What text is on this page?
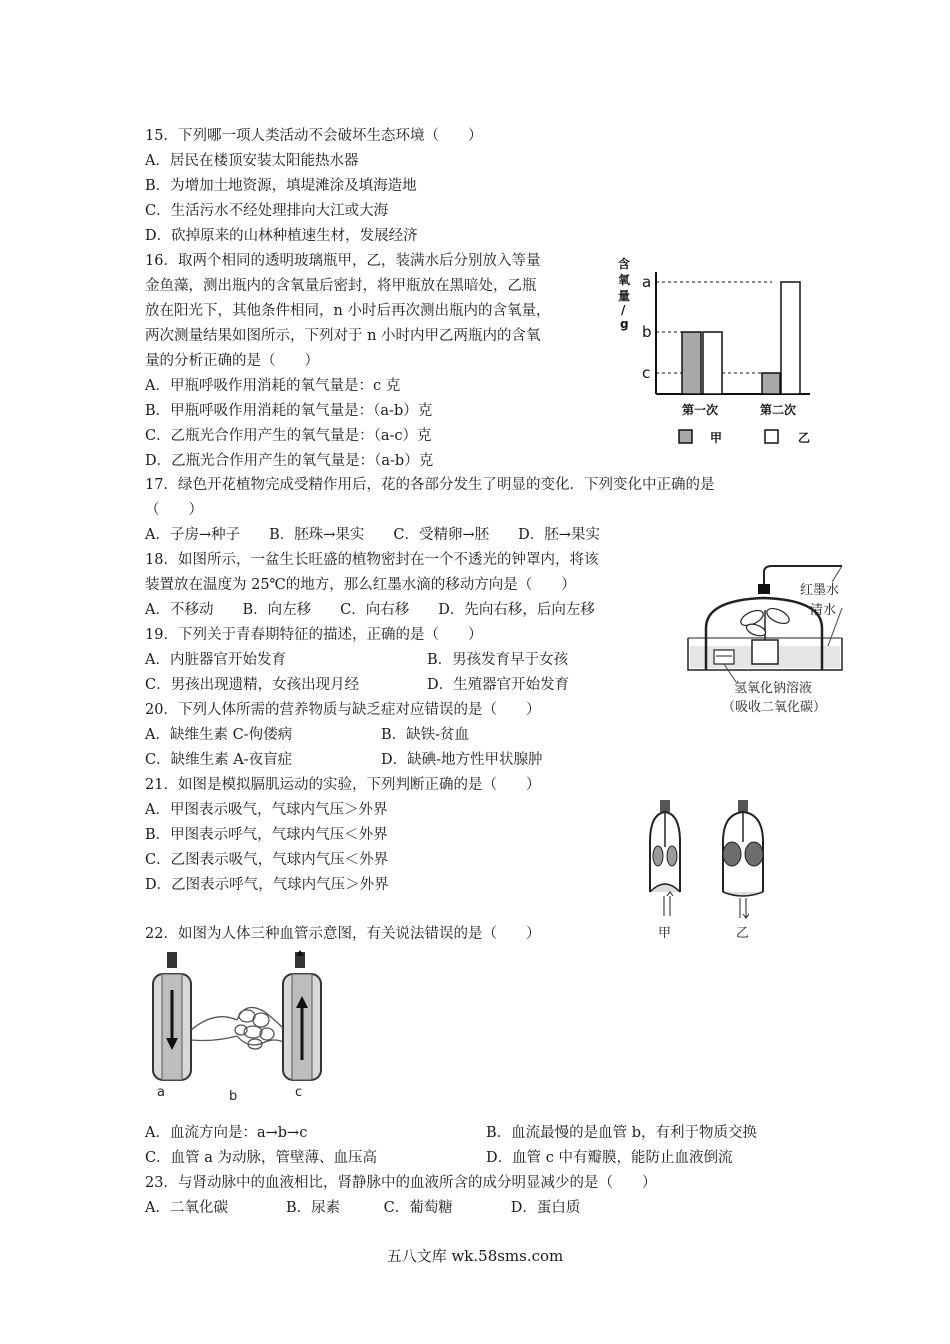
15．下列哪一项人类活动不会破坏生态环境（　　）
A．居民在楼顶安装太阳能热水器
B．为增加土地资源，填堤滩涂及填海造地
C．生活污水不经处理排向大江或大海
D．砍掉原来的山林种植速生材，发展经济
16．取两个相同的透明玻璃瓶甲，乙，装满水后分别放入等量
金鱼藻，测出瓶内的含氧量后密封，将甲瓶放在黑暗处，乙瓶
放在阳光下，其他条件相同，n 小时后再次测出瓶内的含氧量，
两次测量结果如图所示，下列对于 n 小时内甲乙两瓶内的含氧
量的分析正确的是（　　）
A．甲瓶呼吸作用消耗的氧气量是：c 克
B．甲瓶呼吸作用消耗的氧气量是：（a-b）克
C．乙瓶光合作用产生的氧气量是：（a-c）克
D．乙瓶光合作用产生的氧气量是：（a-b）克
含
氧
量
/
g
a
b
c
第一次	第二次
甲	乙
17．绿色开花植物完成受精作用后，花的各部分发生了明显的变化．下列变化中正确的是
（　　）
A．子房→种子　　B．胚珠→果实　　C．受精卵→胚　　D．胚→果实
18．如图所示，一盆生长旺盛的植物密封在一个不透光的钟罩内，将该
装置放在温度为 25℃的地方，那么红墨水滴的移动方向是（　　）
A．不移动　　B．向左移　　C．向右移　　D．先向右移，后向左移
红墨水
清水
氢氧化钠溶液
（吸收二氧化碳）
19．下列关于青春期特征的描述，正确的是（　　）
A．内脏器官开始发育	B．男孩发育早于女孩
C．男孩出现遗精，女孩出现月经	D．生殖器官开始发育
20．下列人体所需的营养物质与缺乏症对应错误的是（　　）
A．缺维生素 C-佝偻病	B．缺铁-贫血
C．缺维生素 A-夜盲症	D．缺碘-地方性甲状腺肿
21．如图是模拟膈肌运动的实验，下列判断正确的是（　　）
A．甲图表示吸气，气球内气压＞外界
B．甲图表示呼气，气球内气压＜外界
C．乙图表示吸气，气球内气压＜外界
D．乙图表示呼气，气球内气压＞外界
甲	乙
22．如图为人体三种血管示意图，有关说法错误的是（　　）
a	b	c
A．血流方向是：a→b→c	B．血流最慢的是血管 b，有利于物质交换
C．血管 a 为动脉，管壁薄、血压高	D．血管 c 中有瓣膜，能防止血液倒流
23．与肾动脉中的血液相比，肾静脉中的血液所含的成分明显减少的是（　　）
A．二氧化碳　　　　B．尿素　　　C．葡萄糖　　　　D．蛋白质
五八文库 wk.58sms.com
